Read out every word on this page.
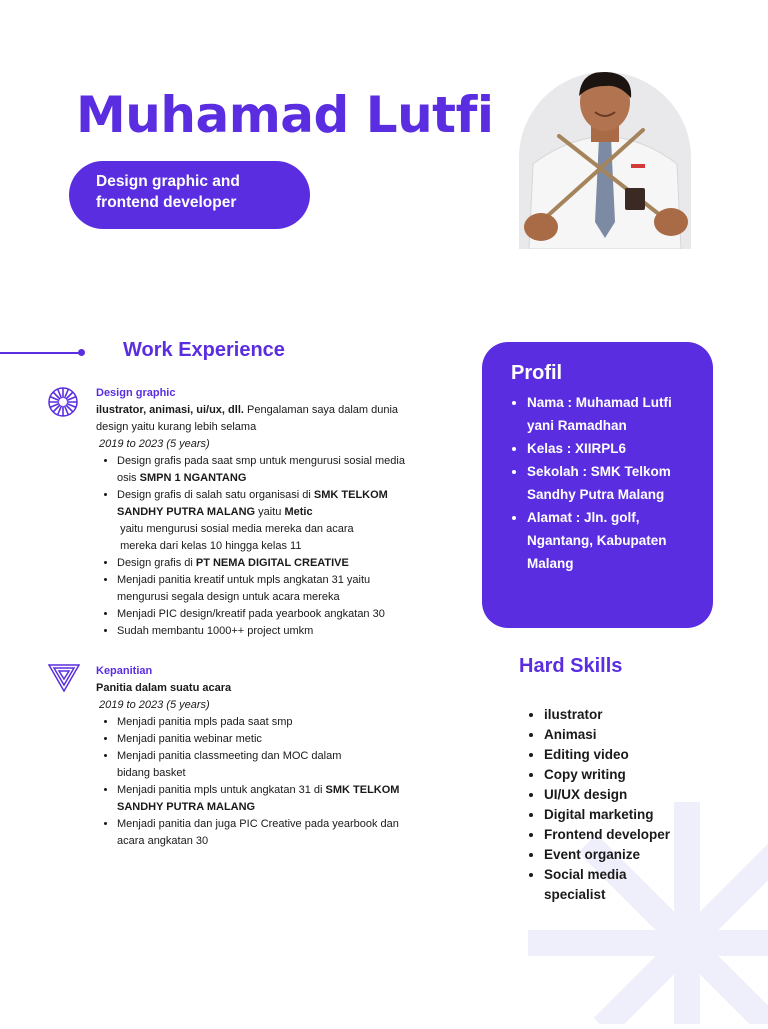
Muhamad Lutfi
Design graphic and
frontend developer
Work Experience
Design graphic
ilustrator, animasi, ui/ux, dll. Pengalaman saya dalam dunia
design yaitu kurang lebih selama
2019 to 2023 (5 years)
• Design grafis pada saat smp untuk mengurusi sosial media
osis SMPN 1 NGANTANG
• Design grafis di salah satu organisasi di SMK TELKOM
SANDHY PUTRA MALANG yaitu Metic
yaitu mengurusi sosial media mereka dan acara
mereka dari kelas 10 hingga kelas 11
• Design grafis di PT NEMA DIGITAL CREATIVE
• Menjadi panitia kreatif untuk mpls angkatan 31 yaitu
mengurusi segala design untuk acara mereka
• Menjadi PIC design/kreatif pada yearbook angkatan 30
• Sudah membantu 1000++ project umkm
Kepanitian
Panitia dalam suatu acara
2019 to 2023 (5 years)
• Menjadi panitia mpls pada saat smp
• Menjadi panitia webinar metic
• Menjadi panitia classmeeting dan MOC dalam
bidang basket
• Menjadi panitia mpls untuk angkatan 31 di SMK TELKOM
SANDHY PUTRA MALANG
• Menjadi panitia dan juga PIC Creative pada yearbook dan
acara angkatan 30
Profil
• Nama : Muhamad Lutfi
yani Ramadhan
• Kelas : XIIRPL6
• Sekolah : SMK Telkom
Sandhy Putra Malang
• Alamat : Jln. golf,
Ngantang, Kabupaten
Malang
Hard Skills
• ilustrator
• Animasi
• Editing video
• Copy writing
• UI/UX design
• Digital marketing
• Frontend developer
• Event organize
• Social media
specialist
